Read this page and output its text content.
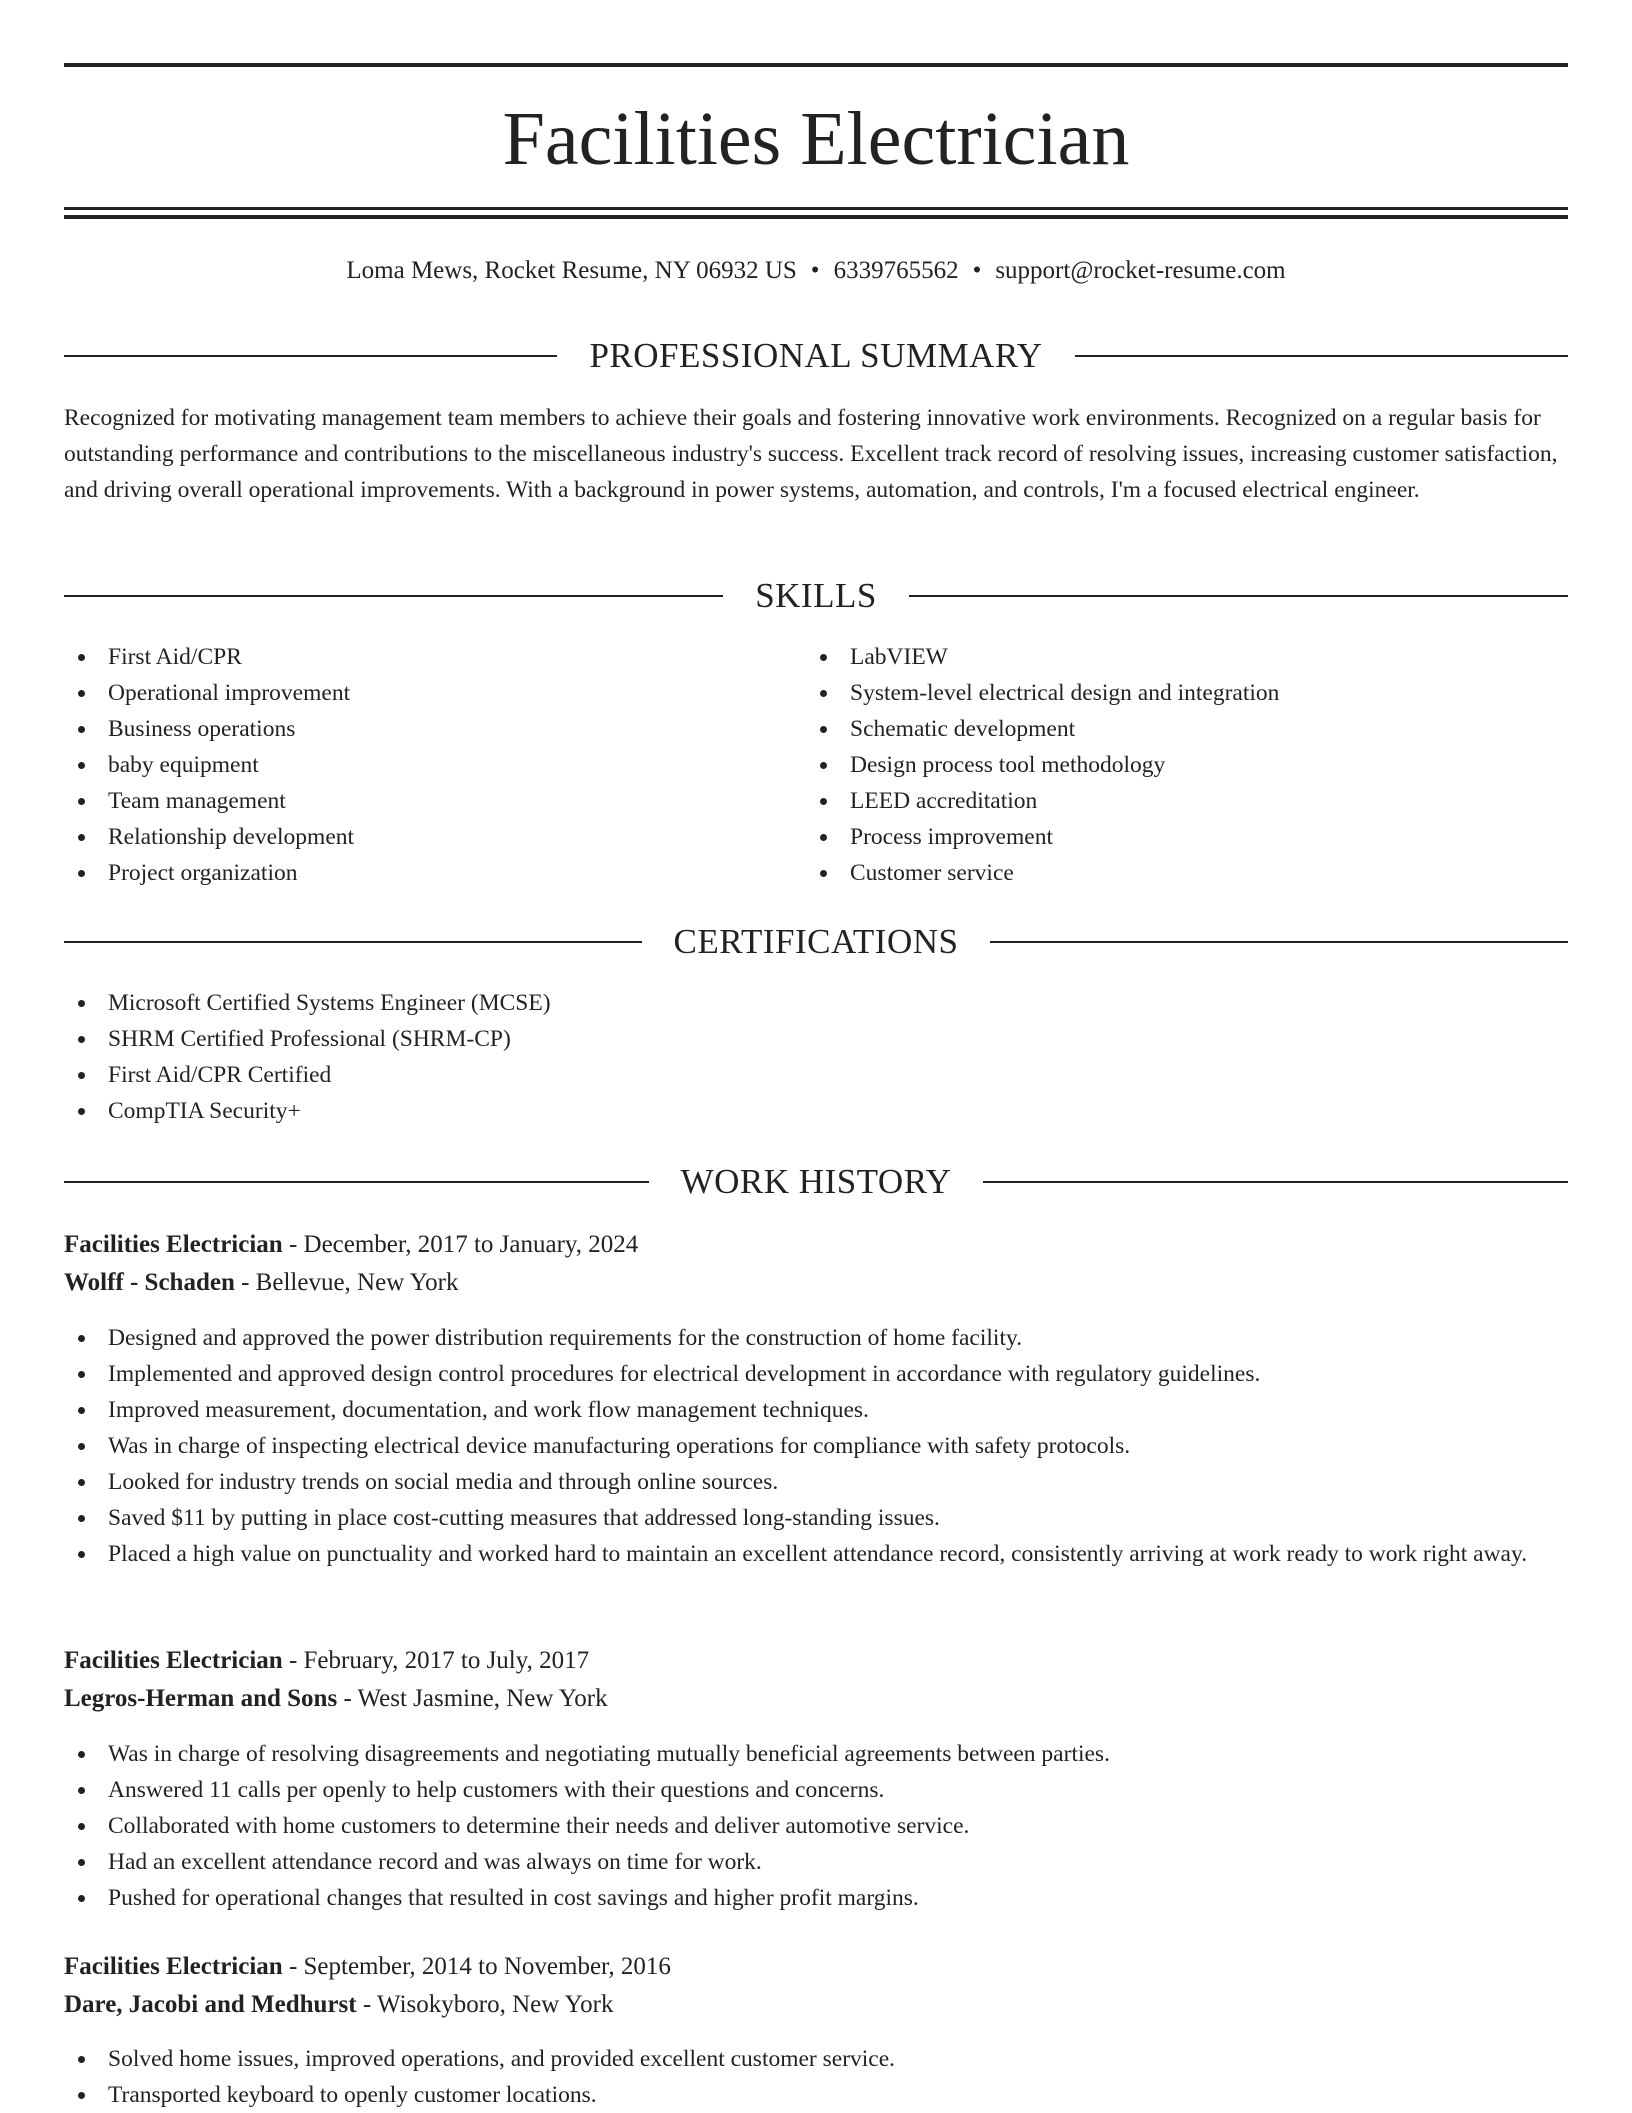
Facilities Electrician
Loma Mews, Rocket Resume, NY 06932 US • 6339765562 • support@rocket-resume.com
PROFESSIONAL SUMMARY
Recognized for motivating management team members to achieve their goals and fostering innovative work environments. Recognized on a regular basis for outstanding performance and contributions to the miscellaneous industry's success. Excellent track record of resolving issues, increasing customer satisfaction, and driving overall operational improvements. With a background in power systems, automation, and controls, I'm a focused electrical engineer.
SKILLS
First Aid/CPR
Operational improvement
Business operations
baby equipment
Team management
Relationship development
Project organization
LabVIEW
System-level electrical design and integration
Schematic development
Design process tool methodology
LEED accreditation
Process improvement
Customer service
CERTIFICATIONS
Microsoft Certified Systems Engineer (MCSE)
SHRM Certified Professional (SHRM-CP)
First Aid/CPR Certified
CompTIA Security+
WORK HISTORY
Facilities Electrician - December, 2017 to January, 2024
Wolff - Schaden - Bellevue, New York
Designed and approved the power distribution requirements for the construction of home facility.
Implemented and approved design control procedures for electrical development in accordance with regulatory guidelines.
Improved measurement, documentation, and work flow management techniques.
Was in charge of inspecting electrical device manufacturing operations for compliance with safety protocols.
Looked for industry trends on social media and through online sources.
Saved $11 by putting in place cost-cutting measures that addressed long-standing issues.
Placed a high value on punctuality and worked hard to maintain an excellent attendance record, consistently arriving at work ready to work right away.
Facilities Electrician - February, 2017 to July, 2017
Legros-Herman and Sons - West Jasmine, New York
Was in charge of resolving disagreements and negotiating mutually beneficial agreements between parties.
Answered 11 calls per openly to help customers with their questions and concerns.
Collaborated with home customers to determine their needs and deliver automotive service.
Had an excellent attendance record and was always on time for work.
Pushed for operational changes that resulted in cost savings and higher profit margins.
Facilities Electrician - September, 2014 to November, 2016
Dare, Jacobi and Medhurst - Wisokyboro, New York
Solved home issues, improved operations, and provided excellent customer service.
Transported keyboard to openly customer locations.
